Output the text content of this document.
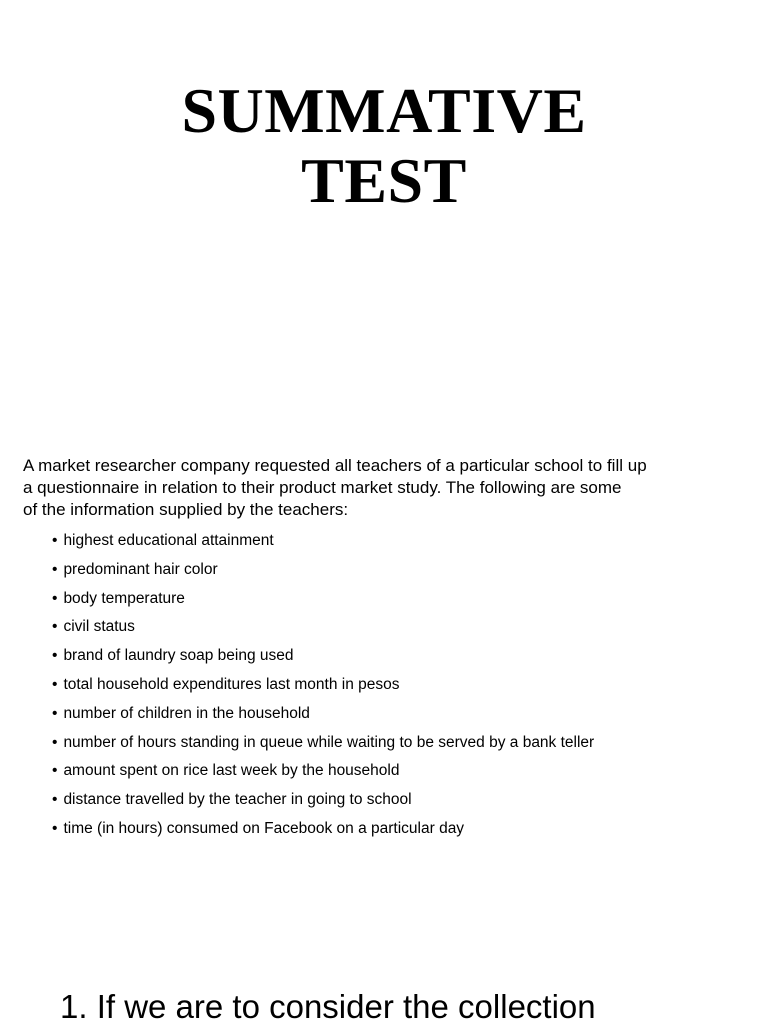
SUMMATIVE
TEST
A market researcher company requested all teachers of a particular school to fill up
a questionnaire in relation to their product market study. The following are some
of the information supplied by the teachers:
• highest educational attainment
• predominant hair color
• body temperature
• civil status
• brand of laundry soap being used
• total household expenditures last month in pesos
• number of children in the household
• number of hours standing in queue while waiting to be served by a bank teller
• amount spent on rice last week by the household
• distance travelled by the teacher in going to school
• time (in hours) consumed on Facebook on a particular day
1. If we are to consider the collection
